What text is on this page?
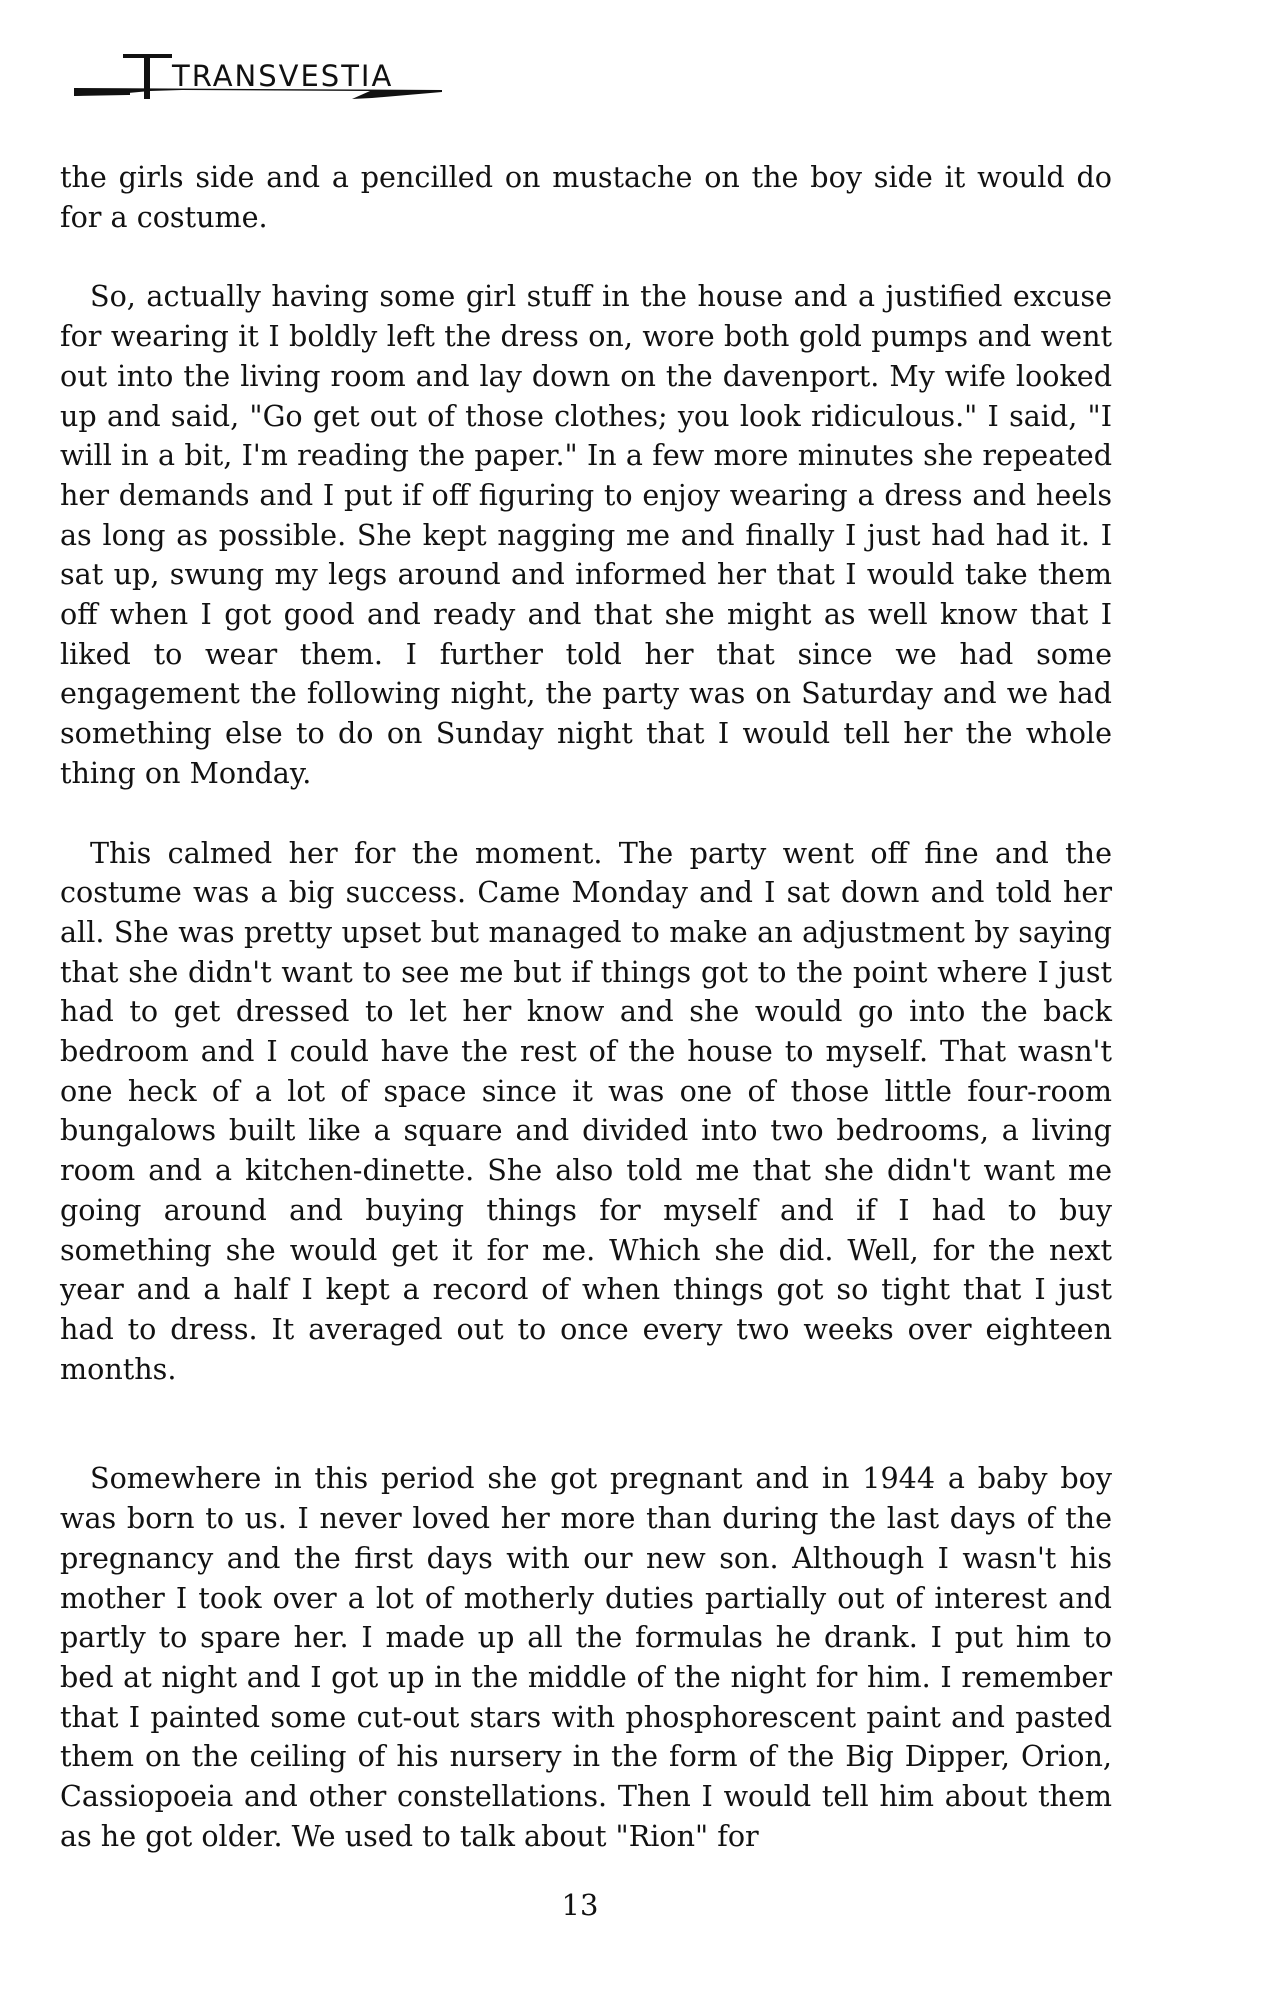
TRANSVESTIA

the girls side and a pencilled on mustache on the boy side it would do for a costume.

So, actually having some girl stuff in the house and a justified excuse for wearing it I boldly left the dress on, wore both gold pumps and went out into the living room and lay down on the davenport. My wife looked up and said, "Go get out of those clothes; you look ridiculous." I said, "I will in a bit, I'm reading the paper." In a few more minutes she repeated her demands and I put if off figuring to enjoy wearing a dress and heels as long as possible. She kept nagging me and finally I just had had it. I sat up, swung my legs around and informed her that I would take them off when I got good and ready and that she might as well know that I liked to wear them. I further told her that since we had some engagement the following night, the party was on Saturday and we had something else to do on Sunday night that I would tell her the whole thing on Monday.

This calmed her for the moment. The party went off fine and the costume was a big success. Came Monday and I sat down and told her all. She was pretty upset but managed to make an adjustment by saying that she didn't want to see me but if things got to the point where I just had to get dressed to let her know and she would go into the back bedroom and I could have the rest of the house to myself. That wasn't one heck of a lot of space since it was one of those little four-room bungalows built like a square and divided into two bedrooms, a living room and a kitchen-dinette. She also told me that she didn't want me going around and buying things for myself and if I had to buy something she would get it for me. Which she did. Well, for the next year and a half I kept a record of when things got so tight that I just had to dress. It averaged out to once every two weeks over eighteen months.

Somewhere in this period she got pregnant and in 1944 a baby boy was born to us. I never loved her more than during the last days of the pregnancy and the first days with our new son. Although I wasn't his mother I took over a lot of motherly duties partially out of interest and partly to spare her. I made up all the formulas he drank. I put him to bed at night and I got up in the middle of the night for him. I remember that I painted some cut-out stars with phosphorescent paint and pasted them on the ceiling of his nursery in the form of the Big Dipper, Orion, Cassiopoeia and other constellations. Then I would tell him about them as he got older. We used to talk about "Rion" for

13
